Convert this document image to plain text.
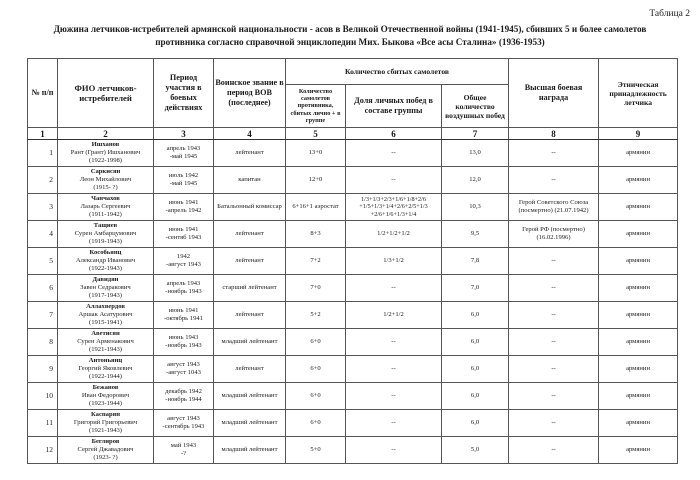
Таблица 2
Дюжина летчиков-истребителей армянской национальности - асов в Великой Отечественной войны (1941-1945), сбивших 5 и более самолетов
противника согласно справочной энциклопедии Мих. Быкова «Все асы Сталина» (1936-1953)
№ п/п	ФИО летчиков-истребителей	Период участия в боевых действиях	Воинское звание в период ВОВ (последнее)	Количество сбитых самолетов			Высшая боевая награда	Этническая принадлежность летчика
				Количество самолетов противника, сбитых лично + в группе	Доля личных побед в составе группы	Общее количество воздушных побед		
1	2	3	4	5	6	7	8	9
1	Ишханов
Рант (Грант) Ишханович
(1922-1998)	апрель 1943
-май 1945	лейтенант	13+0	--	13,0	--	армянин
2	Саркисян
Леон Михайлович
(1915- ?)	июль 1942
-май 1945	капитан	12+0	--	12,0	--	армянин
3	Чанчахов
Лазарь Сергеевич
(1911-1942)	июнь 1941
-апрель 1942	Батальонный комиссар	6+16+1 аэростат	1/3+1/3+2/3+1/6+1/8+2/6 +1/5+1/3+1/4+2/6+2/5+1/3 +2/6+1/6+1/3+1/4	10,3	Герой Советского Союза (посмертно) (21.07.1942)	армянин
4	Тащиев
Сурен Амбарцумович
(1919-1943)	июнь 1941
-сентяб 1943	лейтенант	8+3	1/2+1/2+1/2	9,5	Герой РФ (посмертно) (16.02.1996)	армянин
5	Кособьянц
Александр Иванович
(1922-1943)	1942
-август 1943	лейтенант	7+2	1/3+1/2	7,8	--	армянин
6	Давидян
Завен Седракович
(1917-1943)	апрель 1943
-ноябрь 1943	старший лейтенант	7+0	--	7,0	--	армянин
7	Аллахвердов
Аршак Асатурович
(1915-1941)	июнь 1941
-октябрь 1941	лейтенант	5+2	1/2+1/2	6,0	--	армянин
8	Аветисян
Сурен Арменакович
(1921-1943)	июнь 1943
-ноябрь 1943	младший лейтенант	6+0	--	6,0	--	армянин
9	Антоньянц
Георгий Яковлевич
(1922-1944)	август 1943
-август 1043	лейтенант	6+0	--	6,0	--	армянин
10	Бежанов
Иван Федорович
(1923-1944)	декабрь 1942
-ноябрь 1944	младший лейтенант	6+0	--	6,0	--	армянин
11	Каспарян
Григорий Григорьевич
(1921-1943)	август 1943
-сентябрь 1943	младший лейтенант	6+0	--	6,0	--	армянин
12	Беглиров
Сергей Джавадович
(1923- ?)	май 1943
-?	младший лейтенант	5+0	--	5,0	--	армянин
